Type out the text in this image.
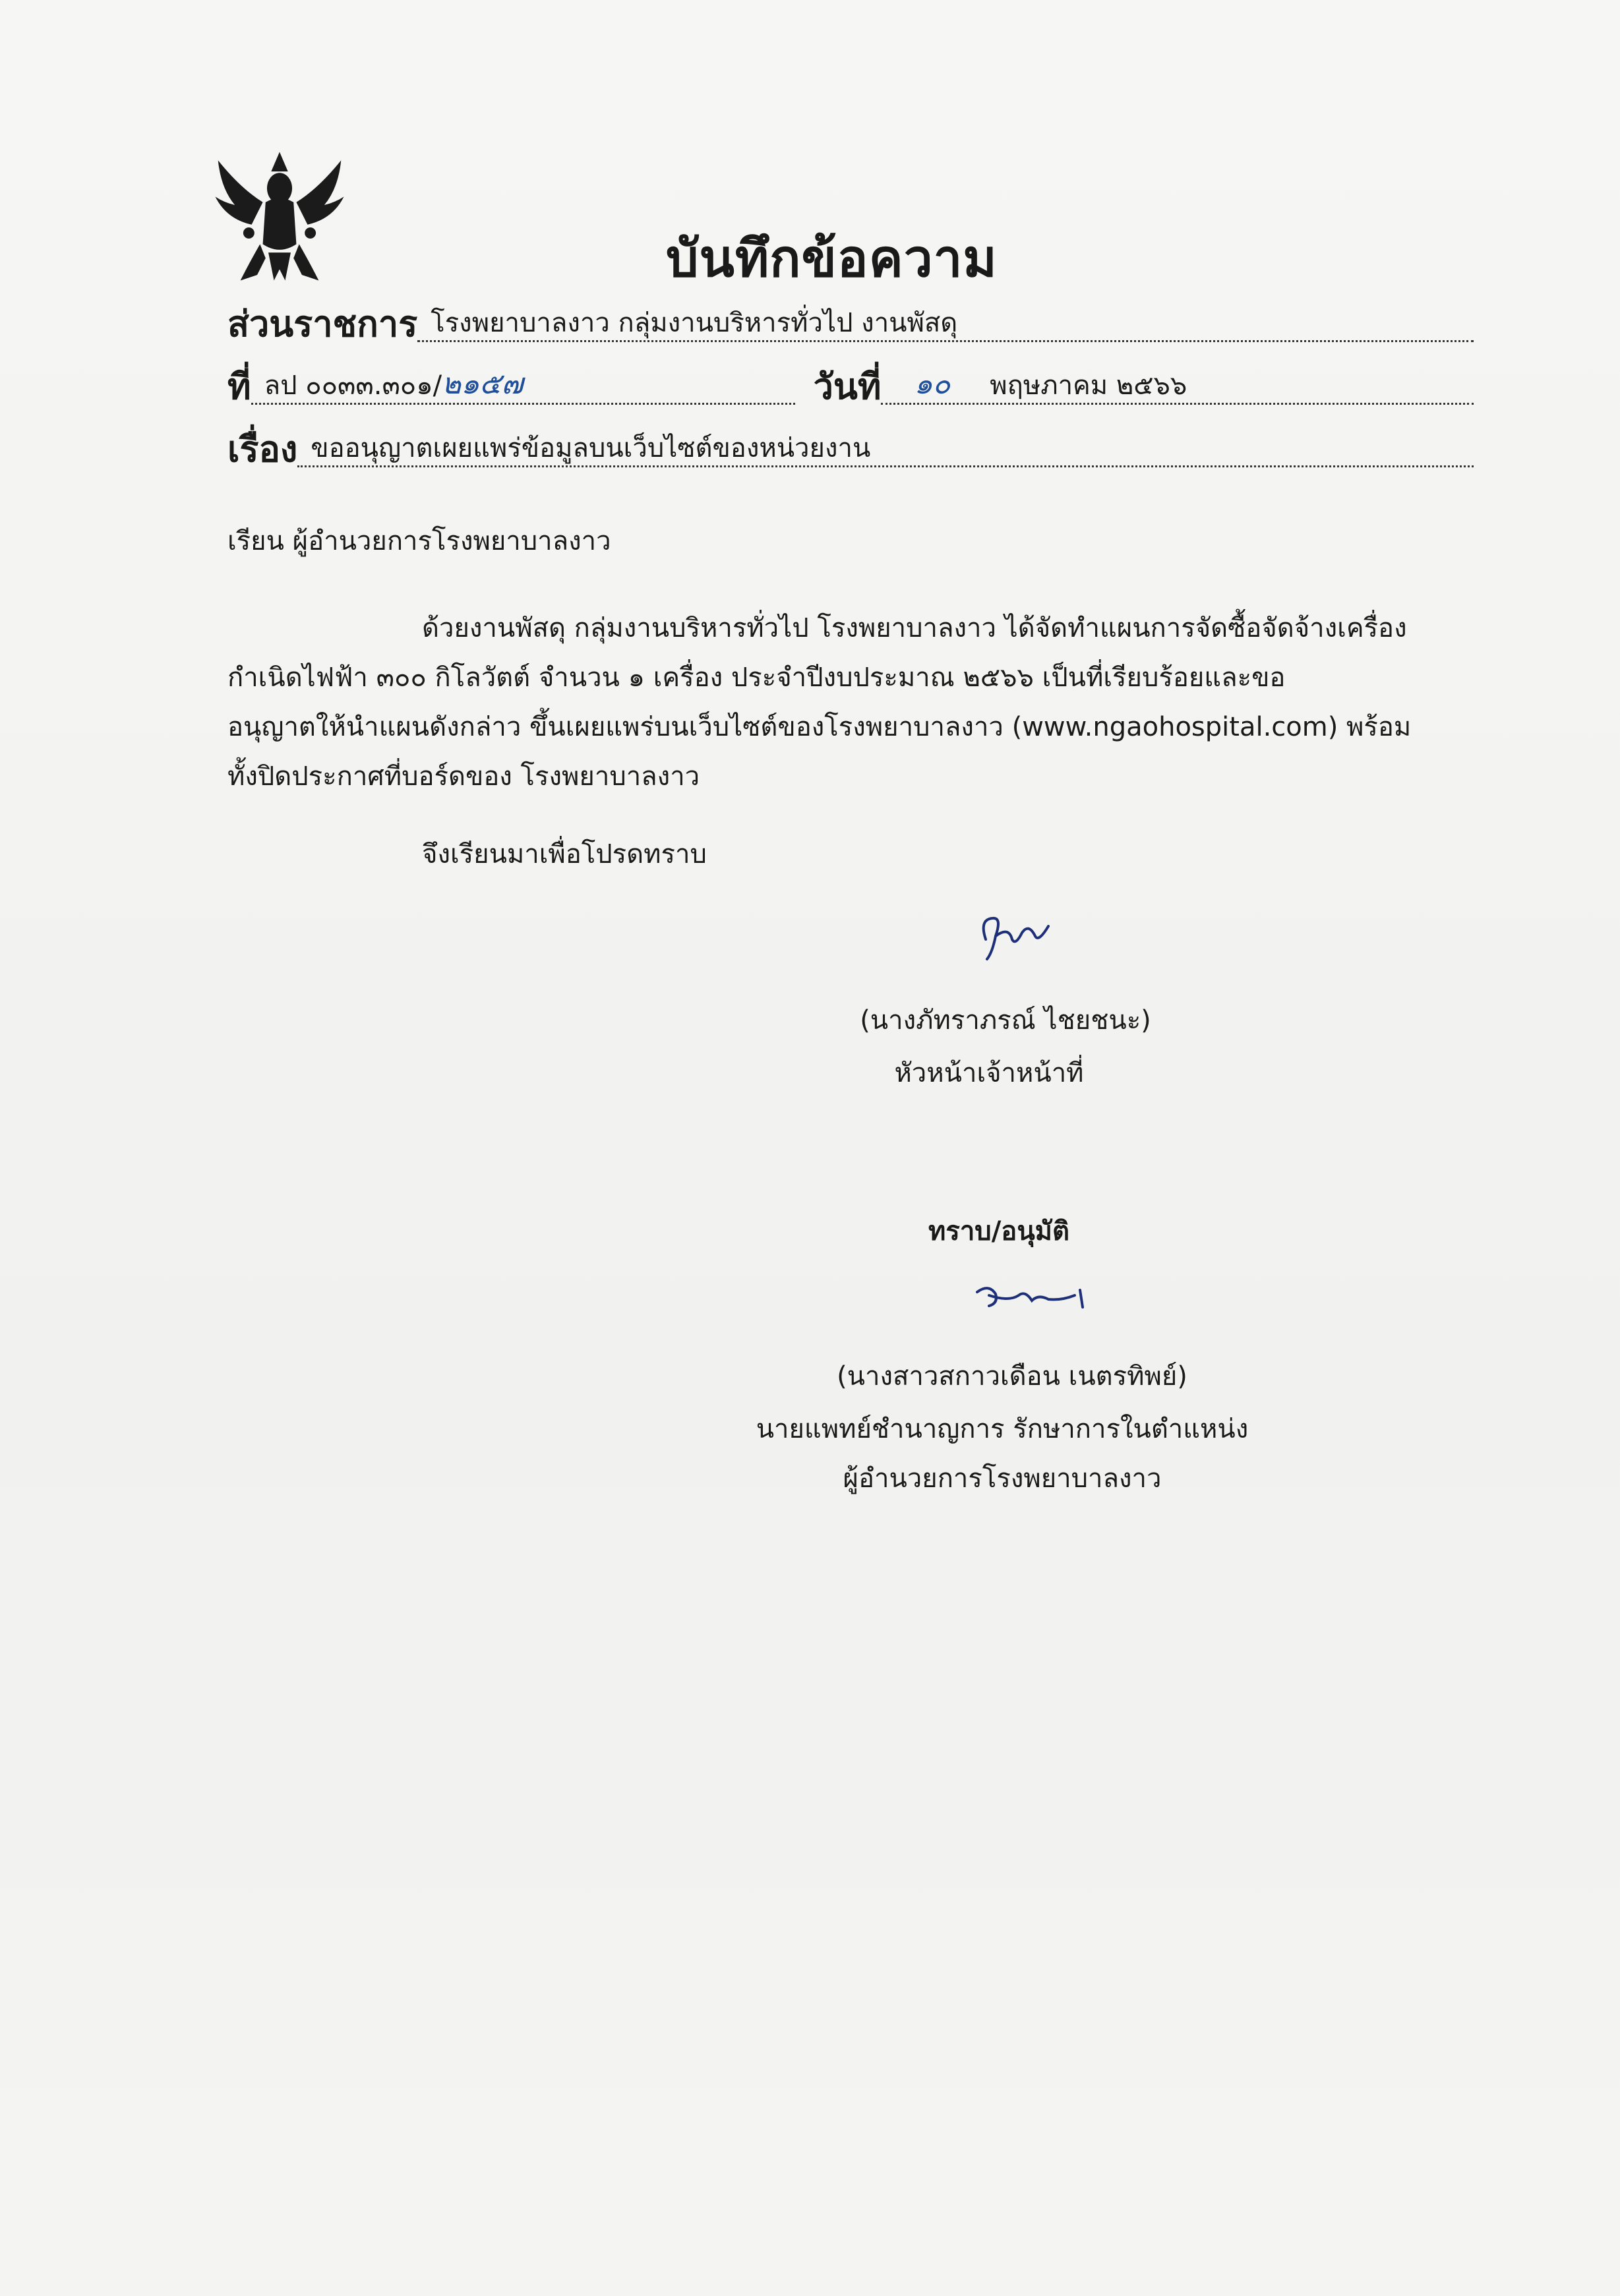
บันทึกข้อความ
ส่วนราชการ โรงพยาบาลงาว กลุ่มงานบริหารทั่วไป งานพัสดุ
ที่ ลป ๐๐๓๓.๓๐๑/ ๒๑๕๗	วันที่	๑๐ พฤษภาคม ๒๕๖๖
เรื่อง ขออนุญาตเผยแพร่ข้อมูลบนเว็บไซต์ของหน่วยงาน
เรียน ผู้อำนวยการโรงพยาบาลงาว
ด้วยงานพัสดุ กลุ่มงานบริหารทั่วไป โรงพยาบาลงาว ได้จัดทำแผนการจัดซื้อจัดจ้างเครื่อง
กำเนิดไฟฟ้า ๓๐๐ กิโลวัตต์ จำนวน ๑ เครื่อง ประจำปีงบประมาณ ๒๕๖๖ เป็นที่เรียบร้อยและขอ
อนุญาตให้นำแผนดังกล่าว ขึ้นเผยแพร่บนเว็บไซต์ของโรงพยาบาลงาว (www.ngaohospital.com) พร้อม
ทั้งปิดประกาศที่บอร์ดของ โรงพยาบาลงาว
จึงเรียนมาเพื่อโปรดทราบ
(นางภัทราภรณ์ ไชยชนะ)
หัวหน้าเจ้าหน้าที่
ทราบ/อนุมัติ
(นางสาวสกาวเดือน เนตรทิพย์)
นายแพทย์ชำนาญการ รักษาการในตำแหน่ง
ผู้อำนวยการโรงพยาบาลงาว
